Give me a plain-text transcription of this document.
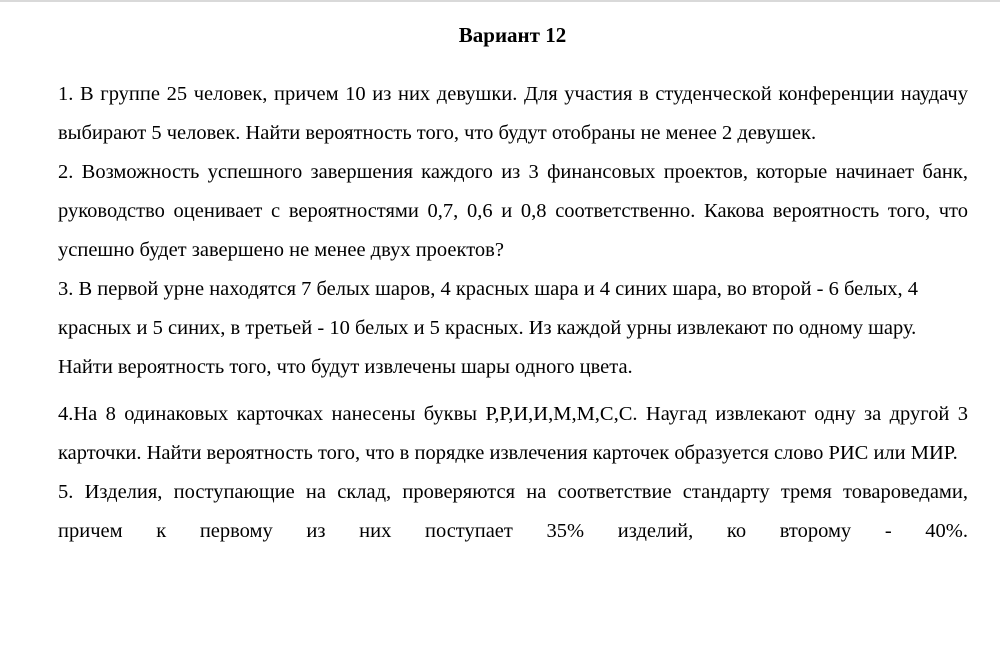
Вариант 12

1. В группе 25 человек, причем 10 из них девушки. Для участия в студенческой конференции наудачу выбирают 5 человек. Найти вероятность того, что будут отобраны не менее 2 девушек.

2. Возможность успешного завершения каждого из 3 финансовых проектов, которые начинает банк, руководство оценивает с вероятностями 0,7, 0,6 и 0,8 соответственно. Какова вероятность того, что успешно будет завершено не менее двух проектов?

3. В первой урне находятся 7 белых шаров, 4 красных шара и 4 синих шара, во второй - 6 белых, 4 красных и 5 синих, в третьей - 10 белых и 5 красных. Из каждой урны извлекают по одному шару. Найти вероятность того, что будут извлечены шары одного цвета.

4.На 8 одинаковых карточках нанесены буквы Р,Р,И,И,М,М,С,С. Наугад извлекают одну за другой 3 карточки. Найти вероятность того, что в порядке извлечения карточек образуется слово РИС или МИР.

5. Изделия, поступающие на склад, проверяются на соответствие стандарту тремя товароведами, причем к первому из них поступает 35% изделий, ко второму - 40%.
